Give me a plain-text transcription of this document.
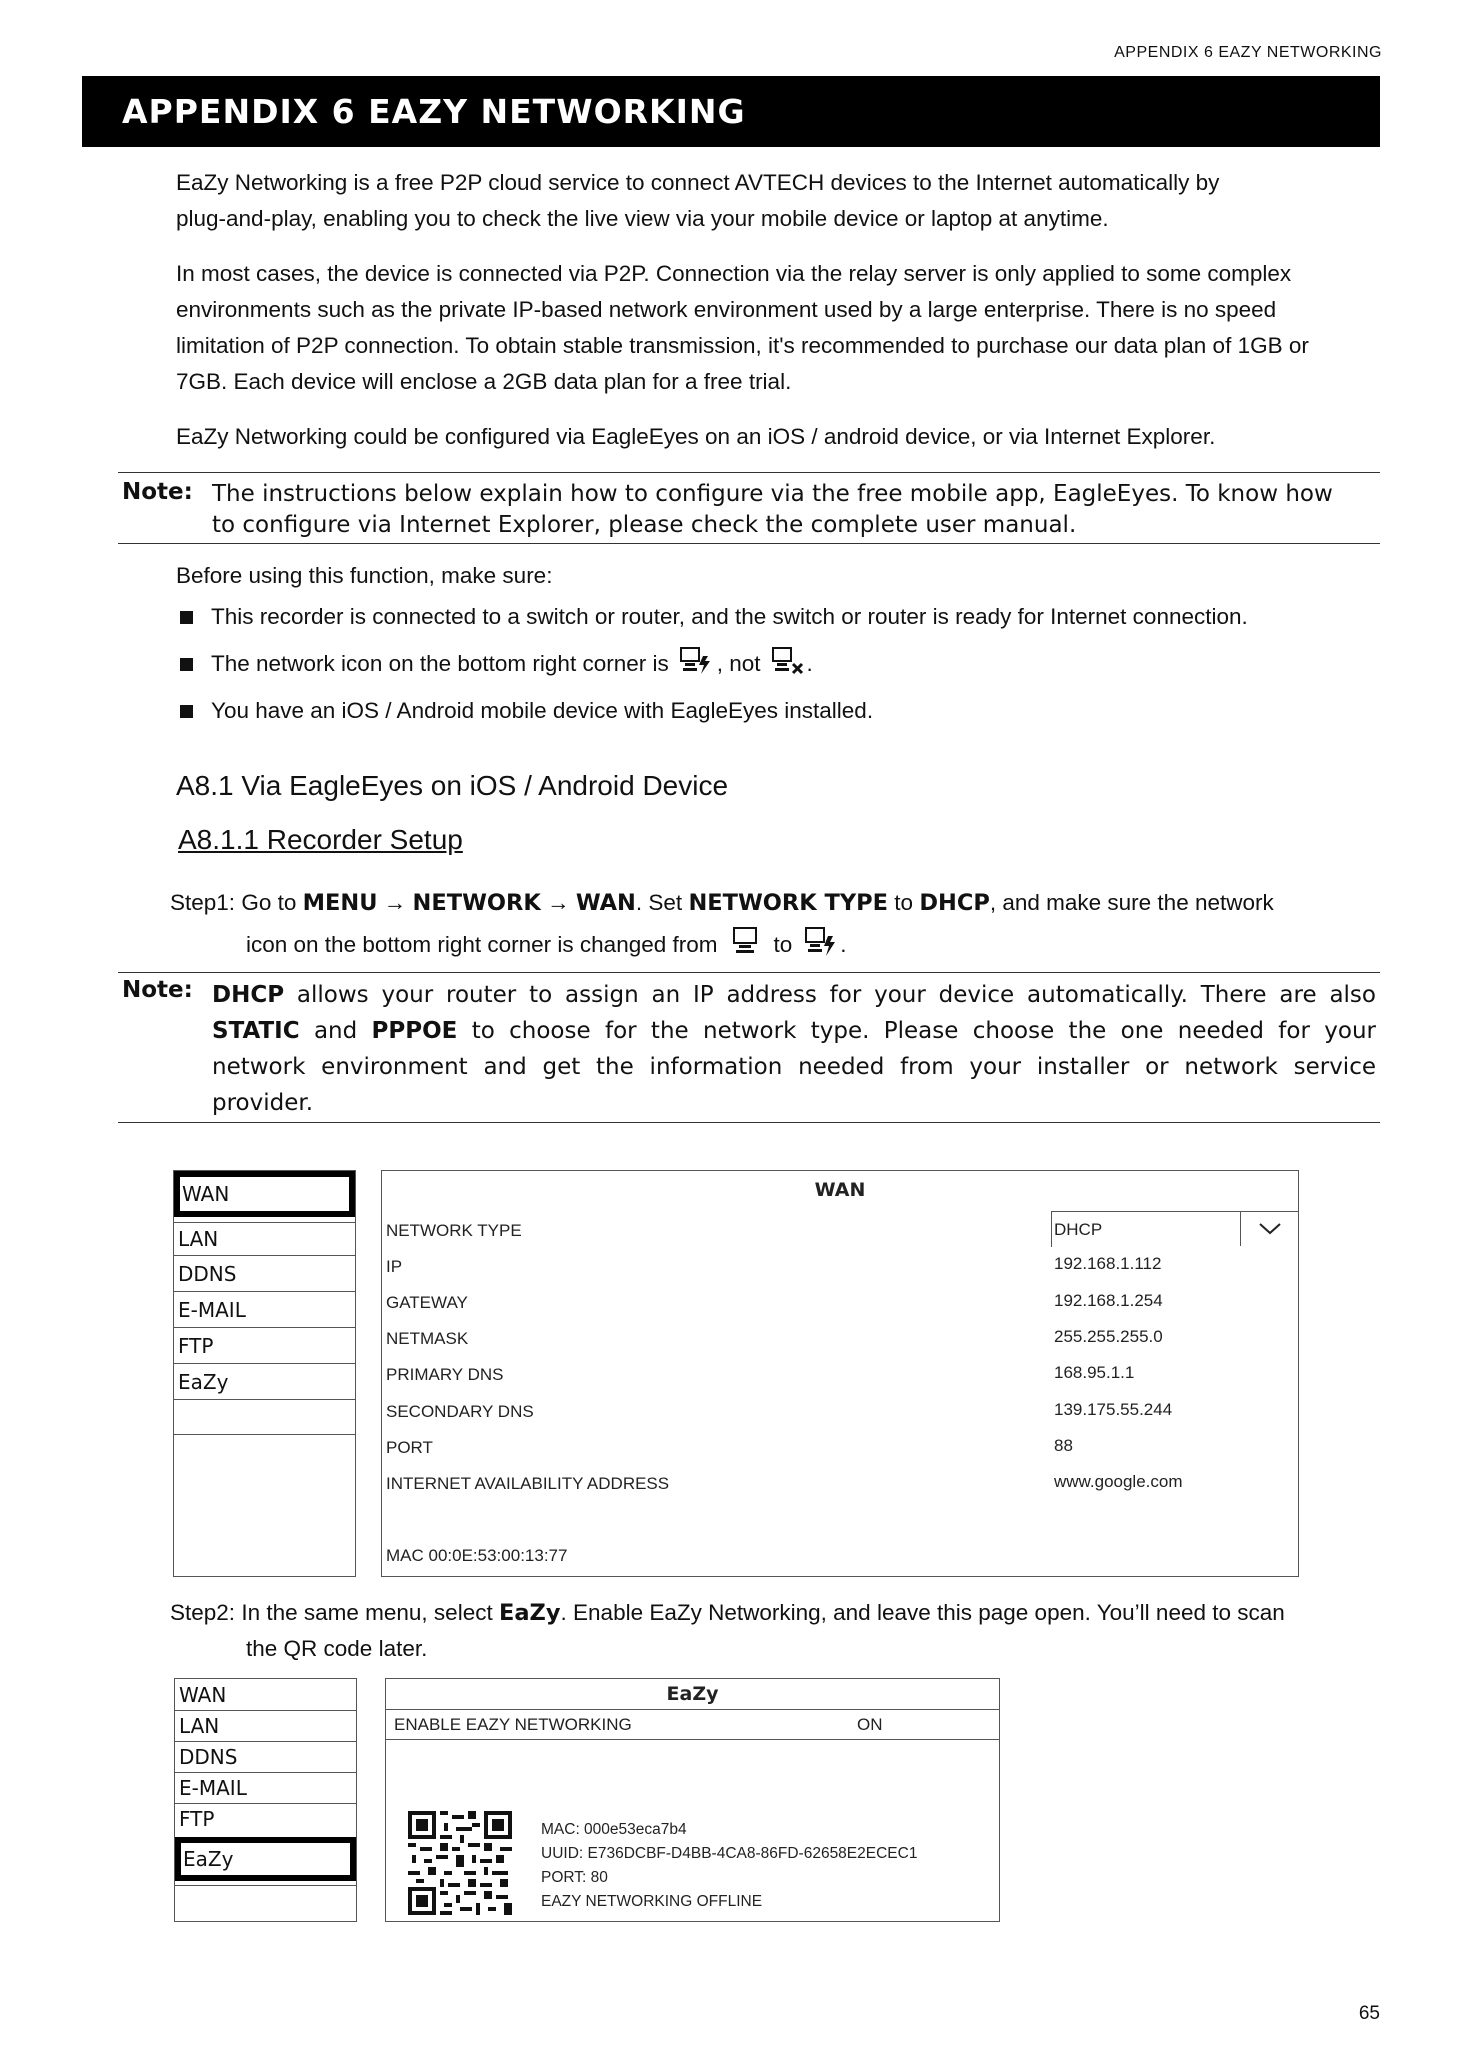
APPENDIX 6 EAZY NETWORKING
APPENDIX 6 EAZY NETWORKING
EaZy Networking is a free P2P cloud service to connect AVTECH devices to the Internet automatically by
plug-and-play, enabling you to check the live view via your mobile device or laptop at anytime.
In most cases, the device is connected via P2P. Connection via the relay server is only applied to some complex
environments such as the private IP-based network environment used by a large enterprise. There is no speed
limitation of P2P connection. To obtain stable transmission, it's recommended to purchase our data plan of 1GB or
7GB. Each device will enclose a 2GB data plan for a free trial.
EaZy Networking could be configured via EagleEyes on an iOS / android device, or via Internet Explorer.
Note: The instructions below explain how to configure via the free mobile app, EagleEyes. To know how
to configure via Internet Explorer, please check the complete user manual.
Before using this function, make sure:
This recorder is connected to a switch or router, and the switch or router is ready for Internet connection.
The network icon on the bottom right corner is , not .
You have an iOS / Android mobile device with EagleEyes installed.
A8.1 Via EagleEyes on iOS / Android Device
A8.1.1 Recorder Setup
Step1: Go to MENU → NETWORK → WAN. Set NETWORK TYPE to DHCP, and make sure the network
icon on the bottom right corner is changed from to .
Note: DHCP allows your router to assign an IP address for your device automatically. There are also
STATIC and PPPOE to choose for the network type. Please choose the one needed for your
network environment and get the information needed from your installer or network service
provider.
WAN
LAN
DDNS
E-MAIL
FTP
EaZy
WAN
NETWORK TYPE	DHCP
IP	192.168.1.112
GATEWAY	192.168.1.254
NETMASK	255.255.255.0
PRIMARY DNS	168.95.1.1
SECONDARY DNS	139.175.55.244
PORT	88
INTERNET AVAILABILITY ADDRESS	www.google.com
MAC 00:0E:53:00:13:77
Step2: In the same menu, select EaZy. Enable EaZy Networking, and leave this page open. You’ll need to scan
the QR code later.
WAN
LAN
DDNS
E-MAIL
FTP
EaZy
EaZy
ENABLE EAZY NETWORKING	ON
MAC: 000e53eca7b4
UUID: E736DCBF-D4BB-4CA8-86FD-62658E2ECEC1
PORT: 80
EAZY NETWORKING OFFLINE
65
